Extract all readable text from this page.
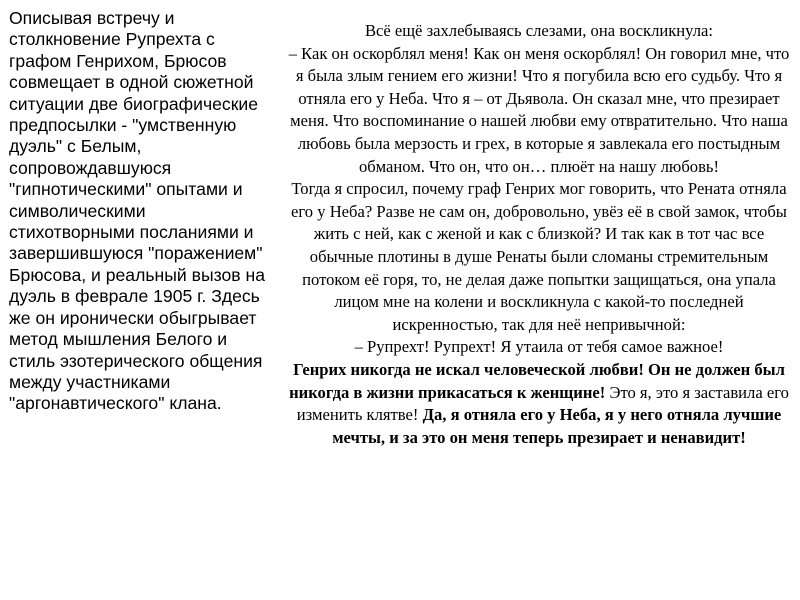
Описывая встречу и столкновение Рупрехта с графом Генрихом, Брюсов совмещает в одной сюжетной ситуации две биографические предпосылки - "умственную дуэль" с Белым, сопровождавшуюся "гипнотическими" опытами и символическими стихотворными посланиями и завершившуюся "поражением" Брюсова, и реальный вызов на дуэль в феврале 1905 г. Здесь же он иронически обыгрывает метод мышления Белого и стиль эзотерического общения между участниками "аргонавтического" клана.

Всё ещё захлебываясь слезами, она воскликнула:

– Как он оскорблял меня! Как он меня оскорблял! Он говорил мне, что я была злым гением его жизни! Что я погубила всю его судьбу. Что я отняла его у Неба. Что я – от Дьявола. Он сказал мне, что презирает меня. Что воспоминание о нашей любви ему отвратительно. Что наша любовь была мерзость и грех, в которые я завлекала его постыдным обманом. Что он, что он… плюёт на нашу любовь!

Тогда я спросил, почему граф Генрих мог говорить, что Рената отняла его у Неба? Разве не сам он, добровольно, увёз её в свой замок, чтобы жить с ней, как с женой и как с близкой? И так как в тот час все обычные плотины в душе Ренаты были сломаны стремительным потоком её горя, то, не делая даже попытки защищаться, она упала лицом мне на колени и воскликнула с какой-то последней искренностью, так для неё непривычной:

– Рупрехт! Рупрехт! Я утаила от тебя самое важное!

Генрих никогда не искал человеческой любви! Он не должен был никогда в жизни прикасаться к женщине! Это я, это я заставила его изменить клятве! Да, я отняла его у Неба, я у него отняла лучшие мечты, и за это он меня теперь презирает и ненавидит!
